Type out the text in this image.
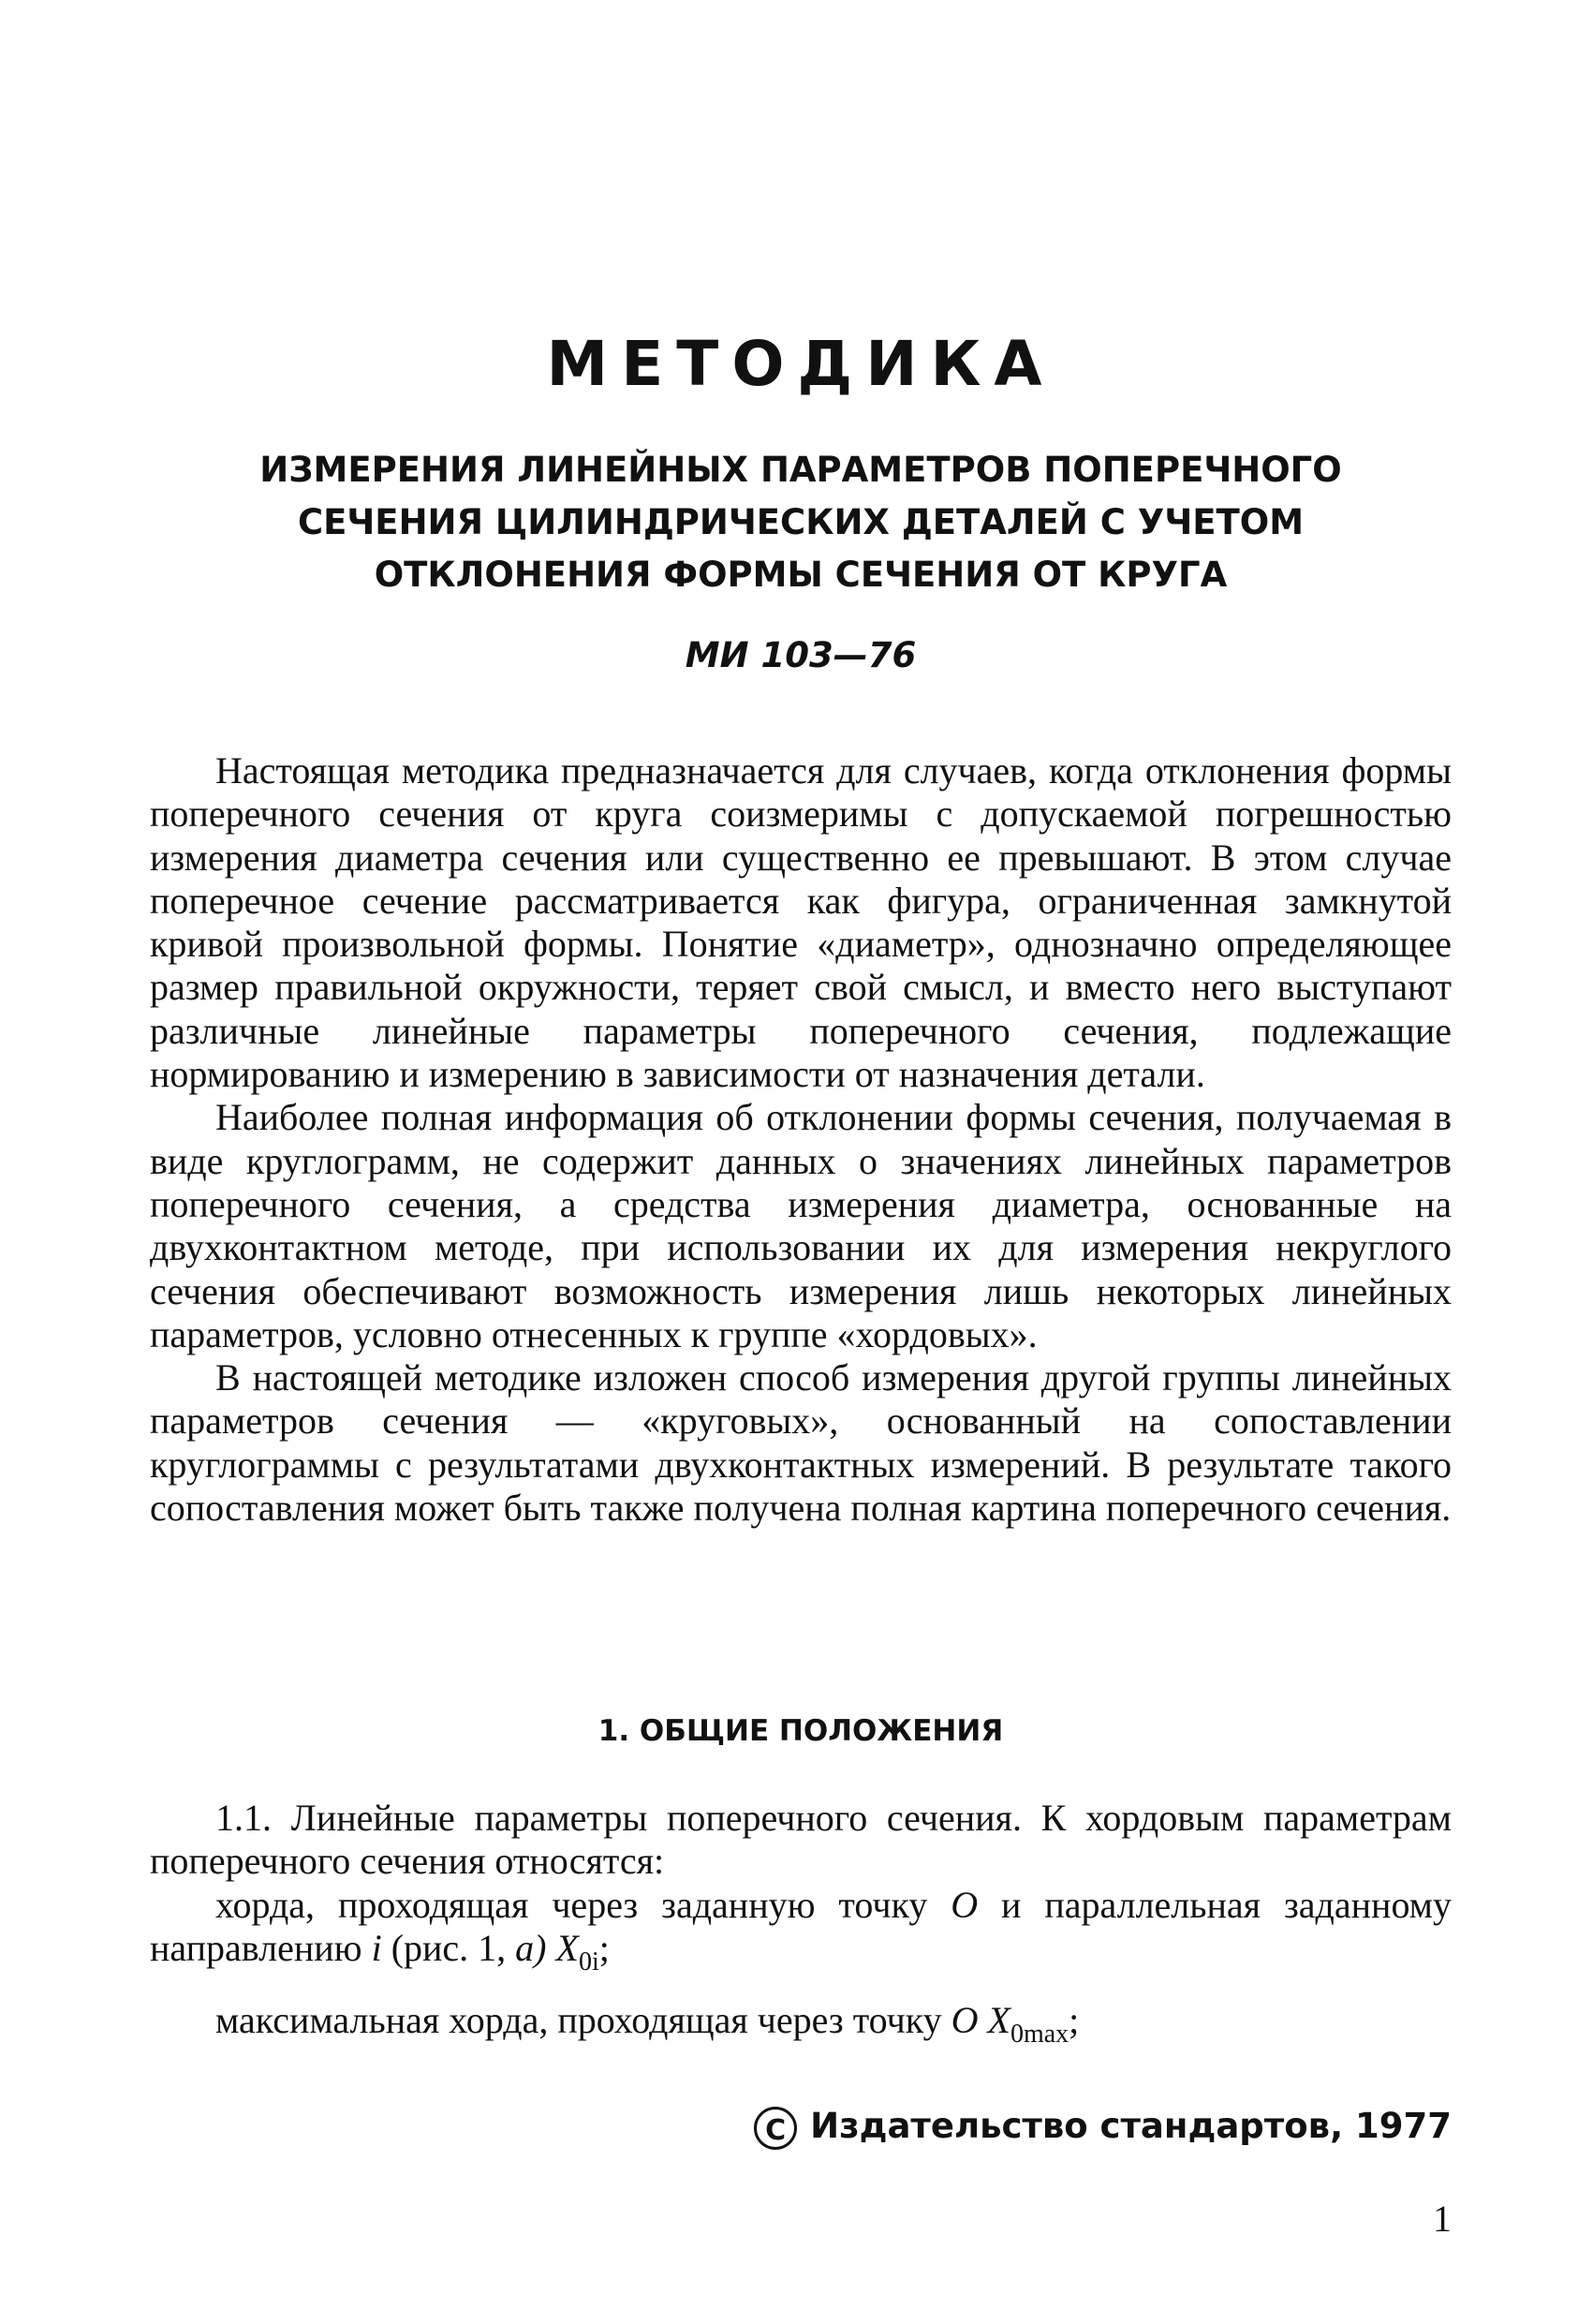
МЕТОДИКА
ИЗМЕРЕНИЯ ЛИНЕЙНЫХ ПАРАМЕТРОВ ПОПЕРЕЧНОГО
СЕЧЕНИЯ ЦИЛИНДРИЧЕСКИХ ДЕТАЛЕЙ С УЧЕТОМ
ОТКЛОНЕНИЯ ФОРМЫ СЕЧЕНИЯ ОТ КРУГА
МИ 103—76

Настоящая методика предназначается для случаев, когда отклонения формы поперечного сечения от круга соизмеримы с допускаемой погрешностью измерения диаметра сечения или существенно ее превышают. В этом случае поперечное сечение рассматривается как фигура, ограниченная замкнутой кривой произвольной формы. Понятие «диаметр», однозначно определяющее размер правильной окружности, теряет свой смысл, и вместо него выступают различные линейные параметры поперечного сечения, подлежащие нормированию и измерению в зависимости от назначения детали.

Наиболее полная информация об отклонении формы сечения, получаемая в виде круглограмм, не содержит данных о значениях линейных параметров поперечного сечения, а средства измерения диаметра, основанные на двухконтактном методе, при использовании их для измерения некруглого сечения обеспечивают возможность измерения лишь некоторых линейных параметров, условно отнесенных к группе «хордовых».

В настоящей методике изложен способ измерения другой группы линейных параметров сечения — «круговых», основанный на сопоставлении круглограммы с результатами двухконтактных измерений. В результате такого сопоставления может быть также получена полная картина поперечного сечения.

1. ОБЩИЕ ПОЛОЖЕНИЯ

1.1. Линейные параметры поперечного сечения. К хордовым параметрам поперечного сечения относятся:

хорда, проходящая через заданную точку O и параллельная заданному направлению i (рис. 1, а) $X_{0i}$;

максимальная хорда, проходящая через точку O $X_{0max}$;

С Издательство стандартов, 1977
1
